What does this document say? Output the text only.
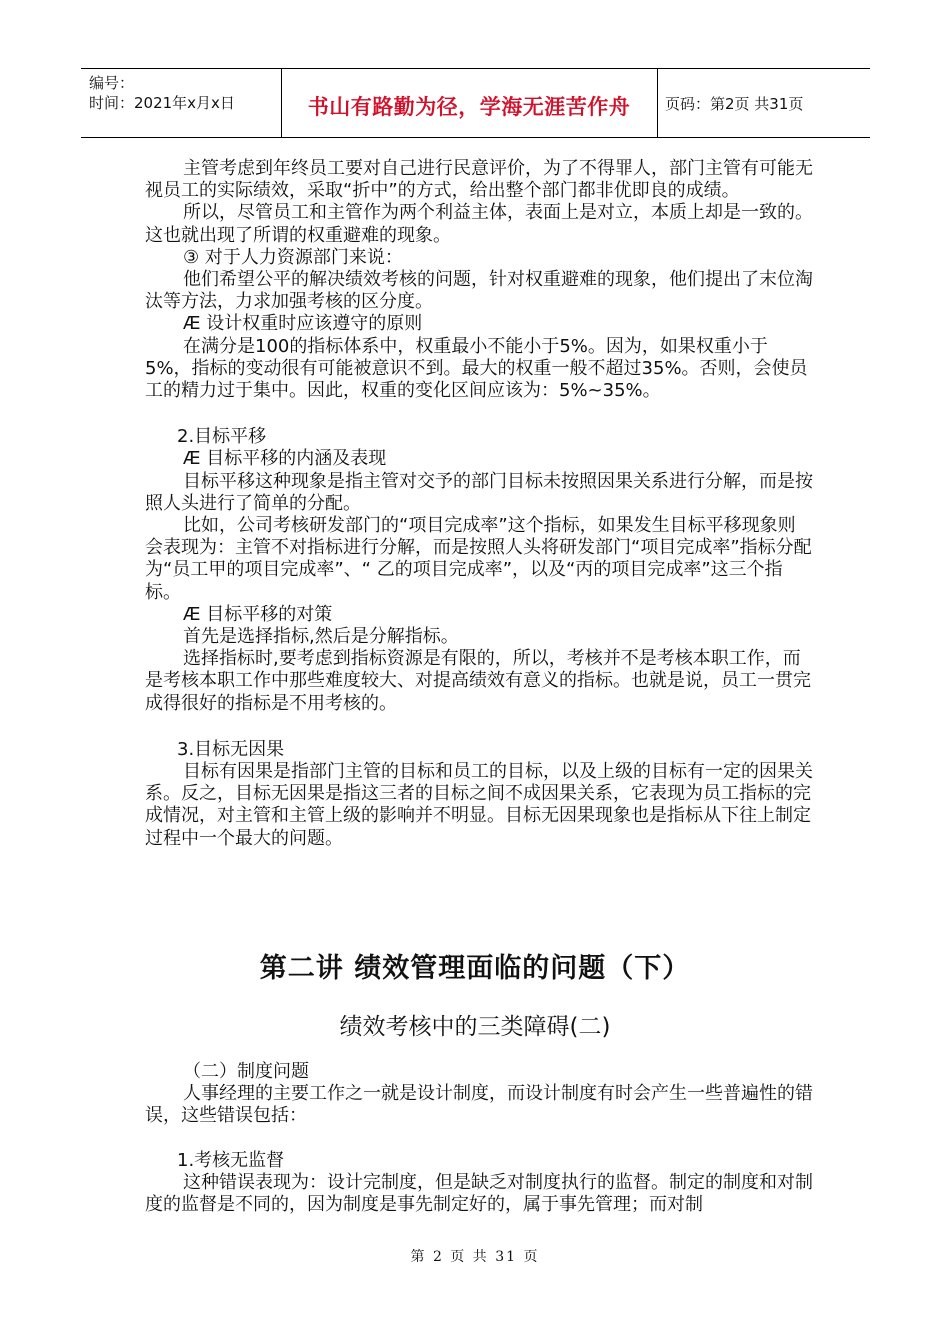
编号：
时间：2021年x月x日	书山有路勤为径，学海无涯苦作舟	页码：第2页 共31页

主管考虑到年终员工要对自己进行民意评价，为了不得罪人，部门主管有可能无视员工的实际绩效，采取“折中”的方式，给出整个部门都非优即良的成绩。

所以，尽管员工和主管作为两个利益主体，表面上是对立，本质上却是一致的。这也就出现了所谓的权重避难的现象。

③ 对于人力资源部门来说：

他们希望公平的解决绩效考核的问题，针对权重避难的现象，他们提出了末位淘汰等方法，力求加强考核的区分度。

Æ 设计权重时应该遵守的原则

在满分是100的指标体系中，权重最小不能小于5%。因为，如果权重小于5%，指标的变动很有可能被意识不到。最大的权重一般不超过35%。否则，会使员工的精力过于集中。因此，权重的变化区间应该为：5%~35%。

2.目标平移

Æ 目标平移的内涵及表现

目标平移这种现象是指主管对交予的部门目标未按照因果关系进行分解，而是按照人头进行了简单的分配。

比如，公司考核研发部门的“项目完成率”这个指标，如果发生目标平移现象则会表现为：主管不对指标进行分解，而是按照人头将研发部门“项目完成率”指标分配为“员工甲的项目完成率”、“ 乙的项目完成率”，以及“丙的项目完成率”这三个指标。

Æ 目标平移的对策

首先是选择指标,然后是分解指标。

选择指标时,要考虑到指标资源是有限的，所以，考核并不是考核本职工作，而是考核本职工作中那些难度较大、对提高绩效有意义的指标。也就是说，员工一贯完成得很好的指标是不用考核的。

3.目标无因果

目标有因果是指部门主管的目标和员工的目标，以及上级的目标有一定的因果关系。反之，目标无因果是指这三者的目标之间不成因果关系，它表现为员工指标的完成情况，对主管和主管上级的影响并不明显。目标无因果现象也是指标从下往上制定过程中一个最大的问题。

第二讲 绩效管理面临的问题（下）
绩效考核中的三类障碍(二)

（二）制度问题

人事经理的主要工作之一就是设计制度，而设计制度有时会产生一些普遍性的错误，这些错误包括：

1.考核无监督

这种错误表现为：设计完制度，但是缺乏对制度执行的监督。制定的制度和对制度的监督是不同的，因为制度是事先制定好的，属于事先管理；而对制

第 2 页 共 31 页
